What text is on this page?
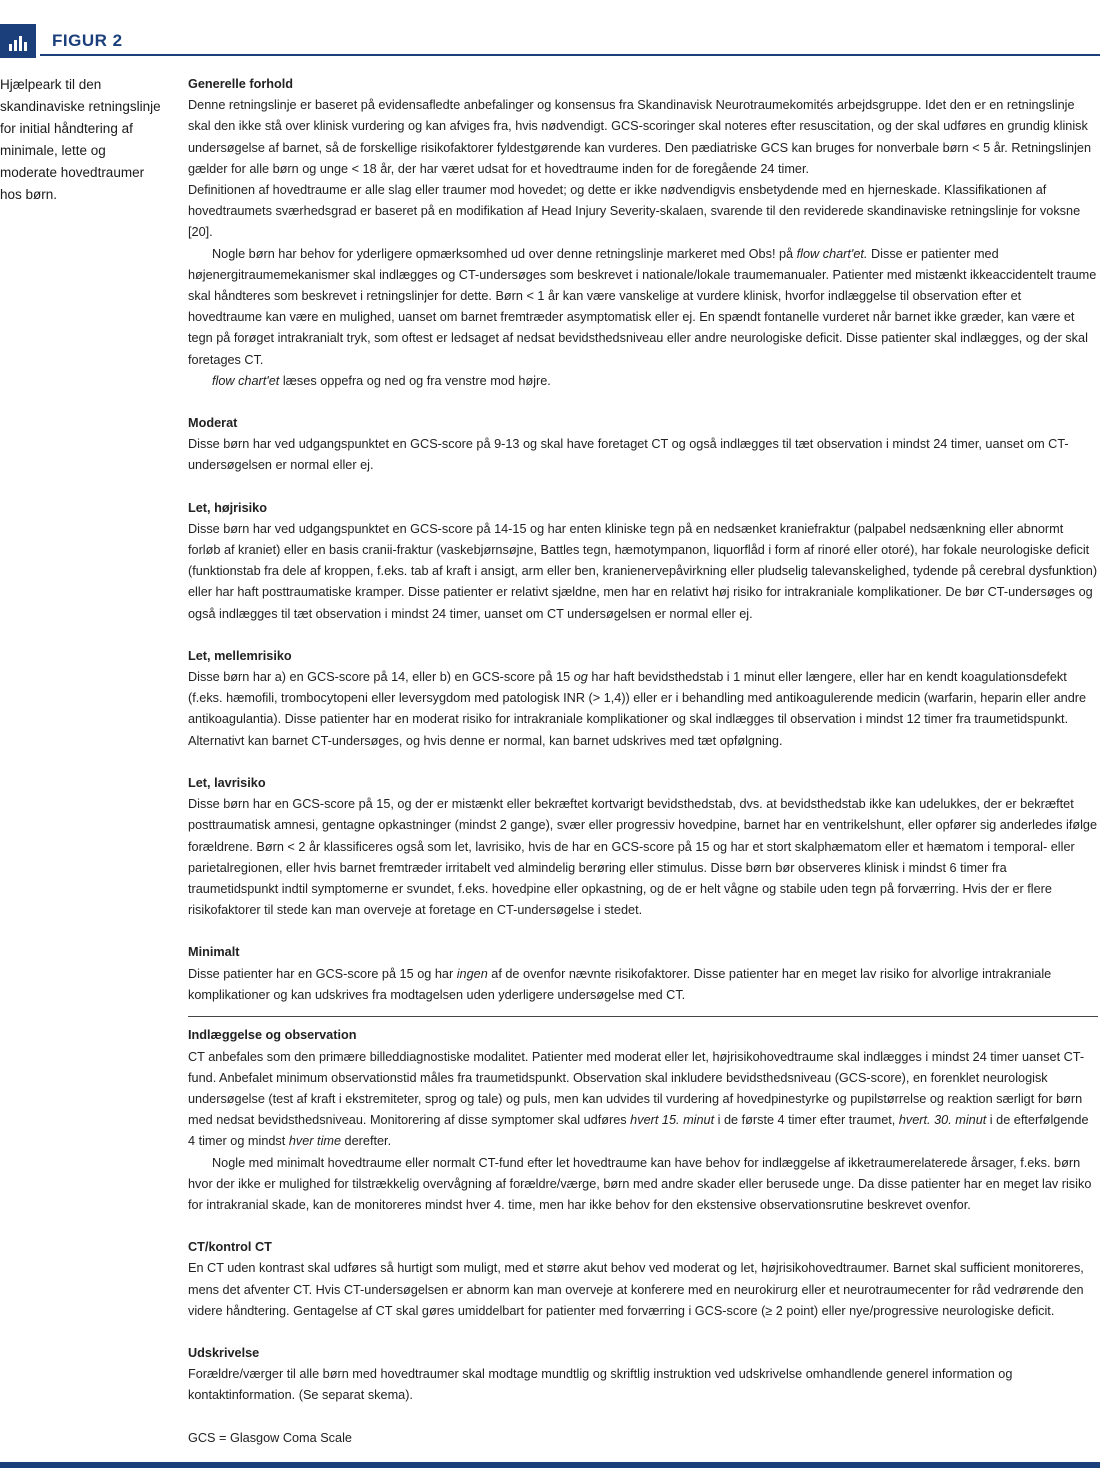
FIGUR 2
Hjælpeark til den skandinaviske retningslinje for initial håndtering af minimale, lette og moderate hovedtraumer hos børn.

Generelle forhold

Denne retningslinje er baseret på evidensafledte anbefalinger og konsensus fra Skandinavisk Neurotraumekomités arbejdsgruppe. Idet den er en retningslinje skal den ikke stå over klinisk vurdering og kan afviges fra, hvis nødvendigt. GCS-scoringer skal noteres efter resuscitation, og der skal udføres en grundig klinisk undersøgelse af barnet, så de forskellige risikofaktorer fyldestgørende kan vurderes. Den pædiatriske GCS kan bruges for nonverbale børn < 5 år. Retningslinjen gælder for alle børn og unge < 18 år, der har været udsat for et hovedtraume inden for de foregående 24 timer.

Definitionen af hovedtraume er alle slag eller traumer mod hovedet; og dette er ikke nødvendigvis ensbetydende med en hjerneskade. Klassifikationen af hovedtraumets sværhedsgrad er baseret på en modifikation af Head Injury Severity-skalaen, svarende til den reviderede skandinaviske retningslinje for voksne [20].

Nogle børn har behov for yderligere opmærksomhed ud over denne retningslinje markeret med Obs! på flow chart'et. Disse er patienter med højenergitraumemekanismer skal indlægges og CT-undersøges som beskrevet i nationale/lokale traumemanualer. Patienter med mistænkt ikkeaccidentelt traume skal håndteres som beskrevet i retningslinjer for dette. Børn < 1 år kan være vanskelige at vurdere klinisk, hvorfor indlæggelse til observation efter et hovedtraume kan være en mulighed, uanset om barnet fremtræder asymptomatisk eller ej. En spændt fontanelle vurderet når barnet ikke græder, kan være et tegn på forøget intrakranialt tryk, som oftest er ledsaget af nedsat bevidsthedsniveau eller andre neurologiske deficit. Disse patienter skal indlægges, og der skal foretages CT.

flow chart'et læses oppefra og ned og fra venstre mod højre.

Moderat

Disse børn har ved udgangspunktet en GCS-score på 9-13 og skal have foretaget CT og også indlægges til tæt observation i mindst 24 timer, uanset om CT-undersøgelsen er normal eller ej.

Let, højrisiko

Disse børn har ved udgangspunktet en GCS-score på 14-15 og har enten kliniske tegn på en nedsænket kraniefraktur (palpabel nedsænkning eller abnormt forløb af kraniet) eller en basis cranii-fraktur (vaskebjørnsøjne, Battles tegn, hæmotympanon, liquorflåd i form af rinoré eller otoré), har fokale neurologiske deficit (funktionstab fra dele af kroppen, f.eks. tab af kraft i ansigt, arm eller ben, kranienervepåvirkning eller pludselig talevanskelighed, tydende på cerebral dysfunktion) eller har haft posttraumatiske kramper. Disse patienter er relativt sjældne, men har en relativt høj risiko for intrakraniale komplikationer. De bør CT-undersøges og også indlægges til tæt observation i mindst 24 timer, uanset om CT undersøgelsen er normal eller ej.

Let, mellemrisiko

Disse børn har a) en GCS-score på 14, eller b) en GCS-score på 15 og har haft bevidsthedstab i 1 minut eller længere, eller har en kendt koagulationsdefekt (f.eks. hæmofili, trombocytopeni eller leversygdom med patologisk INR (> 1,4)) eller er i behandling med antikoagulerende medicin (warfarin, heparin eller andre antikoagulantia). Disse patienter har en moderat risiko for intrakraniale komplikationer og skal indlægges til observation i mindst 12 timer fra traumetidspunkt. Alternativt kan barnet CT-undersøges, og hvis denne er normal, kan barnet udskrives med tæt opfølgning.

Let, lavrisiko

Disse børn har en GCS-score på 15, og der er mistænkt eller bekræftet kortvarigt bevidsthedstab, dvs. at bevidsthedstab ikke kan udelukkes, der er bekræftet posttraumatisk amnesi, gentagne opkastninger (mindst 2 gange), svær eller progressiv hovedpine, barnet har en ventrikelshunt, eller opfører sig anderledes ifølge forældrene. Børn < 2 år klassificeres også som let, lavrisiko, hvis de har en GCS-score på 15 og har et stort skalphæmatom eller et hæmatom i temporal- eller parietalregionen, eller hvis barnet fremtræder irritabelt ved almindelig berøring eller stimulus. Disse børn bør observeres klinisk i mindst 6 timer fra traumetidspunkt indtil symptomerne er svundet, f.eks. hovedpine eller opkastning, og de er helt vågne og stabile uden tegn på forværring. Hvis der er flere risikofaktorer til stede kan man overveje at foretage en CT-undersøgelse i stedet.

Minimalt

Disse patienter har en GCS-score på 15 og har ingen af de ovenfor nævnte risikofaktorer. Disse patienter har en meget lav risiko for alvorlige intrakraniale komplikationer og kan udskrives fra modtagelsen uden yderligere undersøgelse med CT.

Indlæggelse og observation

CT anbefales som den primære billeddiagnostiske modalitet. Patienter med moderat eller let, højrisikohovedtraume skal indlægges i mindst 24 timer uanset CT-fund. Anbefalet minimum observationstid måles fra traumetidspunkt. Observation skal inkludere bevidsthedsniveau (GCS-score), en forenklet neurologisk undersøgelse (test af kraft i ekstremiteter, sprog og tale) og puls, men kan udvides til vurdering af hovedpinestyrke og pupilstørrelse og reaktion særligt for børn med nedsat bevidsthedsniveau. Monitorering af disse symptomer skal udføres hvert 15. minut i de første 4 timer efter traumet, hvert. 30. minut i de efterfølgende 4 timer og mindst hver time derefter.

Nogle med minimalt hovedtraume eller normalt CT-fund efter let hovedtraume kan have behov for indlæggelse af ikketraumerelaterede årsager, f.eks. børn hvor der ikke er mulighed for tilstrækkelig overvågning af forældre/værge, børn med andre skader eller berusede unge. Da disse patienter har en meget lav risiko for intrakranial skade, kan de monitoreres mindst hver 4. time, men har ikke behov for den ekstensive observationsrutine beskrevet ovenfor.

CT/kontrol CT

En CT uden kontrast skal udføres så hurtigt som muligt, med et større akut behov ved moderat og let, højrisikohovedtraumer. Barnet skal sufficient monitoreres, mens det afventer CT. Hvis CT-undersøgelsen er abnorm kan man overveje at konferere med en neurokirurg eller et neurotraumecenter for råd vedrørende den videre håndtering. Gentagelse af CT skal gøres umiddelbart for patienter med forværring i GCS-score (≥ 2 point) eller nye/progressive neurologiske deficit.

Udskrivelse

Forældre/værger til alle børn med hovedtraumer skal modtage mundtlig og skriftlig instruktion ved udskrivelse omhandlende generel information og kontaktinformation. (Se separat skema).

GCS = Glasgow Coma Scale
